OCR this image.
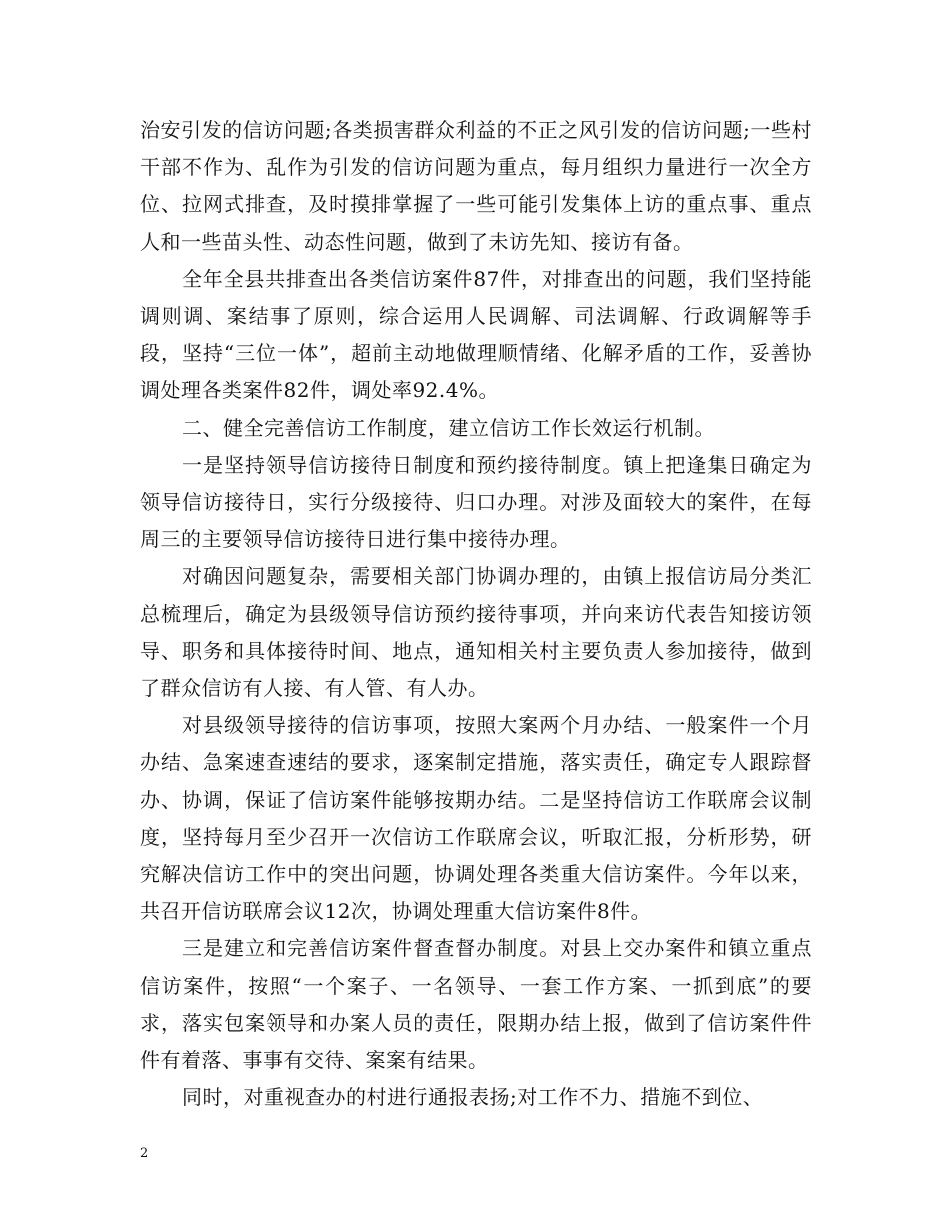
治安引发的信访问题;各类损害群众利益的不正之风引发的信访问题;一些村干部不作为、乱作为引发的信访问题为重点，每月组织力量进行一次全方位、拉网式排查，及时摸排掌握了一些可能引发集体上访的重点事、重点人和一些苗头性、动态性问题，做到了未访先知、接访有备。

全年全县共排查出各类信访案件87件，对排查出的问题，我们坚持能调则调、案结事了原则，综合运用人民调解、司法调解、行政调解等手段，坚持“三位一体”，超前主动地做理顺情绪、化解矛盾的工作，妥善协调处理各类案件82件，调处率92.4%。

二、健全完善信访工作制度，建立信访工作长效运行机制。

一是坚持领导信访接待日制度和预约接待制度。镇上把逢集日确定为领导信访接待日，实行分级接待、归口办理。对涉及面较大的案件，在每周三的主要领导信访接待日进行集中接待办理。

对确因问题复杂，需要相关部门协调办理的，由镇上报信访局分类汇总梳理后，确定为县级领导信访预约接待事项，并向来访代表告知接访领导、职务和具体接待时间、地点，通知相关村主要负责人参加接待，做到了群众信访有人接、有人管、有人办。

对县级领导接待的信访事项，按照大案两个月办结、一般案件一个月办结、急案速查速结的要求，逐案制定措施，落实责任，确定专人跟踪督办、协调，保证了信访案件能够按期办结。二是坚持信访工作联席会议制度，坚持每月至少召开一次信访工作联席会议，听取汇报，分析形势，研究解决信访工作中的突出问题，协调处理各类重大信访案件。今年以来，共召开信访联席会议12次，协调处理重大信访案件8件。

三是建立和完善信访案件督查督办制度。对县上交办案件和镇立重点信访案件，按照“一个案子、一名领导、一套工作方案、一抓到底”的要求，落实包案领导和办案人员的责任，限期办结上报，做到了信访案件件件有着落、事事有交待、案案有结果。

同时，对重视查办的村进行通报表扬;对工作不力、措施不到位、

2
